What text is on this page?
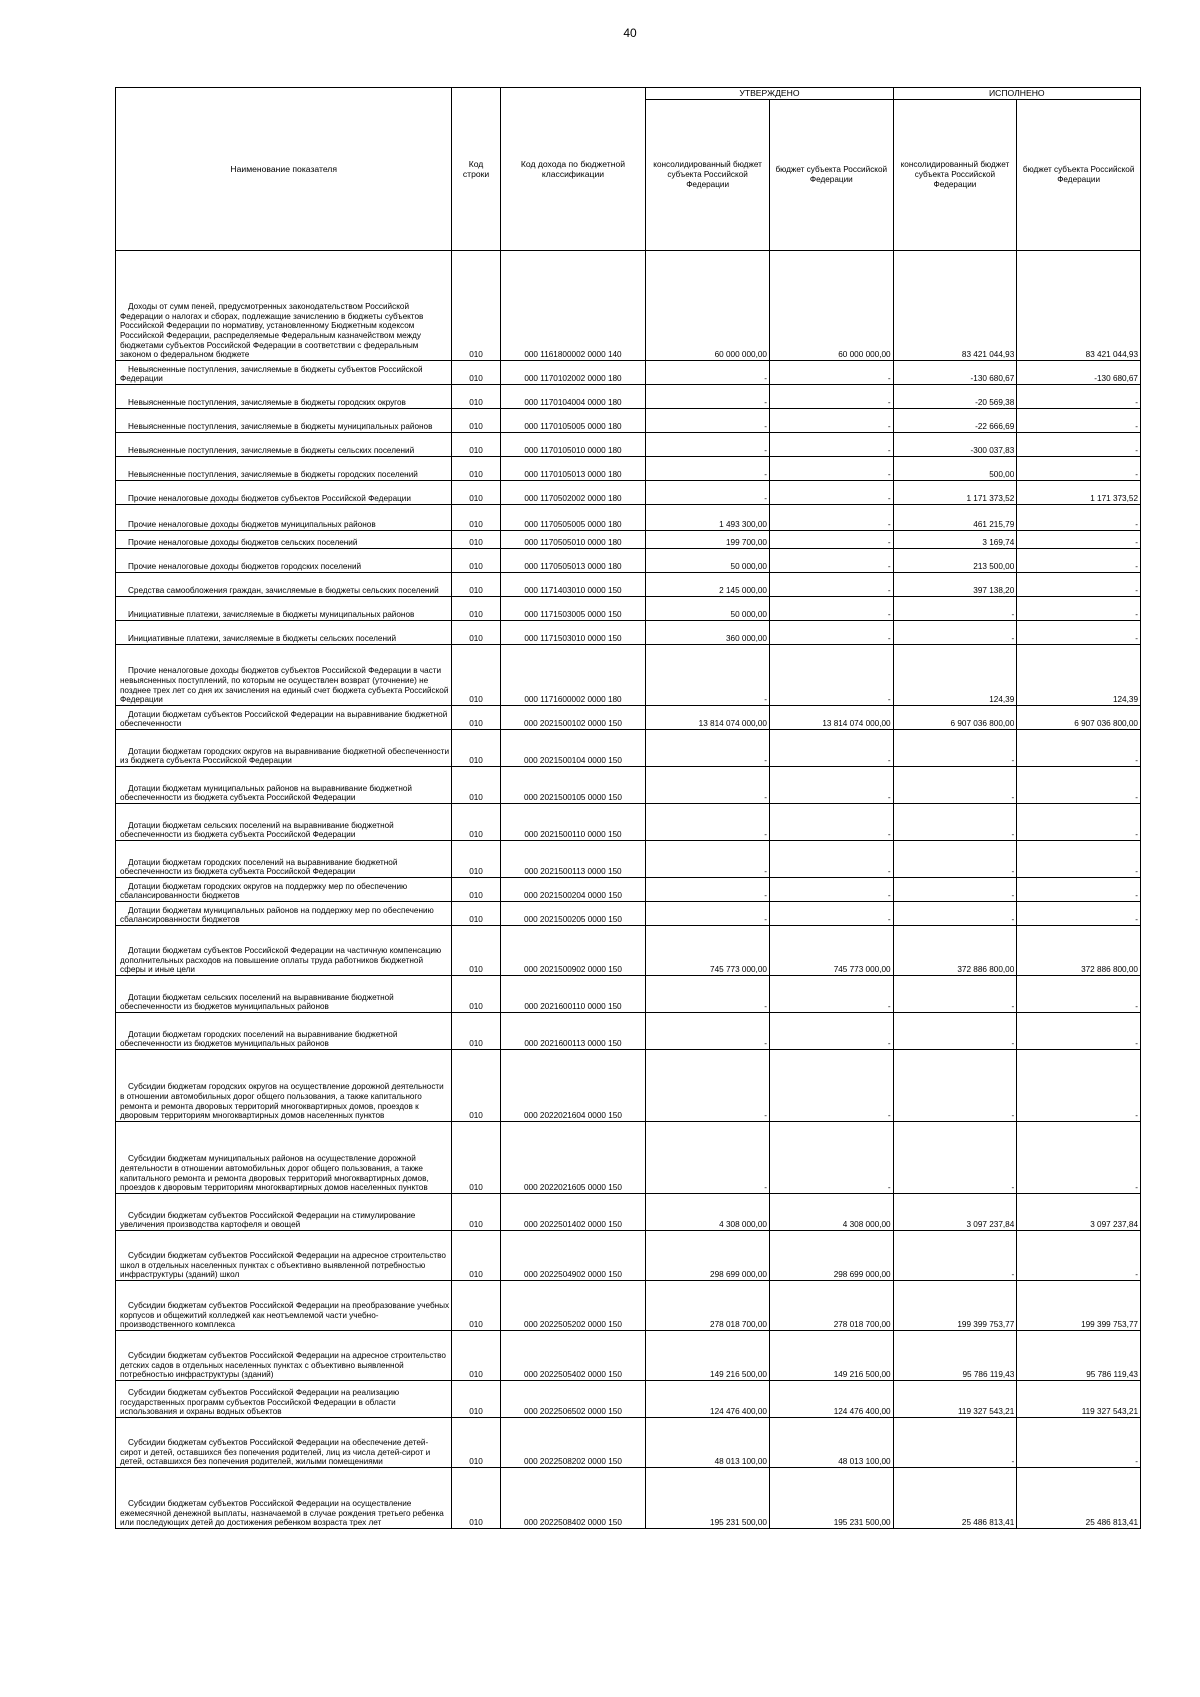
40
Наименование показателя	Код строки	Код дохода по бюджетной классификации	УТВЕРЖДЕНО		ИСПОЛНЕНО	
			консолидированный бюджет субъекта Российской Федерации	бюджет субъекта Российской Федерации	консолидированный бюджет субъекта Российской Федерации	бюджет субъекта Российской Федерации

Доходы от сумм пеней, предусмотренных законодательством Российской Федерации о налогах и сборах, подлежащие зачислению в бюджеты субъектов Российской Федерации по нормативу, установленному Бюджетным кодексом Российской Федерации, распределяемые Федеральным казначейством между бюджетами субъектов Российской Федерации в соответствии с федеральным законом о федеральном бюджете	010	000 1161800002 0000 140	60 000 000,00	60 000 000,00	83 421 044,93	83 421 044,93

Невыясненные поступления, зачисляемые в бюджеты субъектов Российской Федерации	010	000 1170102002 0000 180	-	-	-130 680,67	-130 680,67

Невыясненные поступления, зачисляемые в бюджеты городских округов	010	000 1170104004 0000 180	-	-	-20 569,38	-

Невыясненные поступления, зачисляемые в бюджеты муниципальных районов	010	000 1170105005 0000 180	-	-	-22 666,69	-

Невыясненные поступления, зачисляемые в бюджеты сельских поселений	010	000 1170105010 0000 180	-	-	-300 037,83	-

Невыясненные поступления, зачисляемые в бюджеты городских поселений	010	000 1170105013 0000 180	-	-	500,00	-

Прочие неналоговые доходы бюджетов субъектов Российской Федерации	010	000 1170502002 0000 180	-	-	1 171 373,52	1 171 373,52

Прочие неналоговые доходы бюджетов муниципальных районов	010	000 1170505005 0000 180	1 493 300,00	-	461 215,79	-

Прочие неналоговые доходы бюджетов сельских поселений	010	000 1170505010 0000 180	199 700,00	-	3 169,74	-

Прочие неналоговые доходы бюджетов городских поселений	010	000 1170505013 0000 180	50 000,00	-	213 500,00	-

Средства самообложения граждан, зачисляемые в бюджеты сельских поселений	010	000 1171403010 0000 150	2 145 000,00	-	397 138,20	-

Инициативные платежи, зачисляемые в бюджеты муниципальных районов	010	000 1171503005 0000 150	50 000,00	-	-	-

Инициативные платежи, зачисляемые в бюджеты сельских поселений	010	000 1171503010 0000 150	360 000,00	-	-	-

Прочие неналоговые доходы бюджетов субъектов Российской Федерации в части невыясненных поступлений, по которым не осуществлен возврат (уточнение) не позднее трех лет со дня их зачисления на единый счет бюджета субъекта Российской Федерации	010	000 1171600002 0000 180	-	-	124,39	124,39

Дотации бюджетам субъектов Российской Федерации на выравнивание бюджетной обеспеченности	010	000 2021500102 0000 150	13 814 074 000,00	13 814 074 000,00	6 907 036 800,00	6 907 036 800,00

Дотации бюджетам городских округов на выравнивание бюджетной обеспеченности из бюджета субъекта Российской Федерации	010	000 2021500104 0000 150	-	-	-	-

Дотации бюджетам муниципальных районов на выравнивание бюджетной обеспеченности из бюджета субъекта Российской Федерации	010	000 2021500105 0000 150	-	-	-	-

Дотации бюджетам сельских поселений на выравнивание бюджетной обеспеченности из бюджета субъекта Российской Федерации	010	000 2021500110 0000 150	-	-	-	-

Дотации бюджетам городских поселений на выравнивание бюджетной обеспеченности из бюджета субъекта Российской Федерации	010	000 2021500113 0000 150	-	-	-	-

Дотации бюджетам городских округов на поддержку мер по обеспечению сбалансированности бюджетов	010	000 2021500204 0000 150	-	-	-	-

Дотации бюджетам муниципальных районов на поддержку мер по обеспечению сбалансированности бюджетов	010	000 2021500205 0000 150	-	-	-	-

Дотации бюджетам субъектов Российской Федерации на частичную компенсацию дополнительных расходов на повышение оплаты труда работников бюджетной сферы и иные цели	010	000 2021500902 0000 150	745 773 000,00	745 773 000,00	372 886 800,00	372 886 800,00

Дотации бюджетам сельских поселений на выравнивание бюджетной обеспеченности из бюджетов муниципальных районов	010	000 2021600110 0000 150	-	-	-	-

Дотации бюджетам городских поселений на выравнивание бюджетной обеспеченности из бюджетов муниципальных районов	010	000 2021600113 0000 150	-	-	-	-

Субсидии бюджетам городских округов на осуществление дорожной деятельности в отношении автомобильных дорог общего пользования, а также капитального ремонта и ремонта дворовых территорий многоквартирных домов, проездов к дворовым территориям многоквартирных домов населенных пунктов	010	000 2022021604 0000 150	-	-	-	-

Субсидии бюджетам муниципальных районов на осуществление дорожной деятельности в отношении автомобильных дорог общего пользования, а также капитального ремонта и ремонта дворовых территорий многоквартирных домов, проездов к дворовым территориям многоквартирных домов населенных пунктов	010	000 2022021605 0000 150	-	-	-	-

Субсидии бюджетам субъектов Российской Федерации на стимулирование увеличения производства картофеля и овощей	010	000 2022501402 0000 150	4 308 000,00	4 308 000,00	3 097 237,84	3 097 237,84

Субсидии бюджетам субъектов Российской Федерации на адресное строительство школ в отдельных населенных пунктах с объективно выявленной потребностью инфраструктуры (зданий) школ	010	000 2022504902 0000 150	298 699 000,00	298 699 000,00	-	-

Субсидии бюджетам субъектов Российской Федерации на преобразование учебных корпусов и общежитий колледжей как неотъемлемой части учебно-производственного комплекса	010	000 2022505202 0000 150	278 018 700,00	278 018 700,00	199 399 753,77	199 399 753,77

Субсидии бюджетам субъектов Российской Федерации на адресное строительство детских садов в отдельных населенных пунктах с объективно выявленной потребностью инфраструктуры (зданий)	010	000 2022505402 0000 150	149 216 500,00	149 216 500,00	95 786 119,43	95 786 119,43

Субсидии бюджетам субъектов Российской Федерации на реализацию государственных программ субъектов Российской Федерации в области использования и охраны водных объектов	010	000 2022506502 0000 150	124 476 400,00	124 476 400,00	119 327 543,21	119 327 543,21

Субсидии бюджетам субъектов Российской Федерации на обеспечение детей-сирот и детей, оставшихся без попечения родителей, лиц из числа детей-сирот и детей, оставшихся без попечения родителей, жилыми помещениями	010	000 2022508202 0000 150	48 013 100,00	48 013 100,00	-	-

Субсидии бюджетам субъектов Российской Федерации на осуществление ежемесячной денежной выплаты, назначаемой в случае рождения третьего ребенка или последующих детей до достижения ребенком возраста трех лет	010	000 2022508402 0000 150	195 231 500,00	195 231 500,00	25 486 813,41	25 486 813,41
